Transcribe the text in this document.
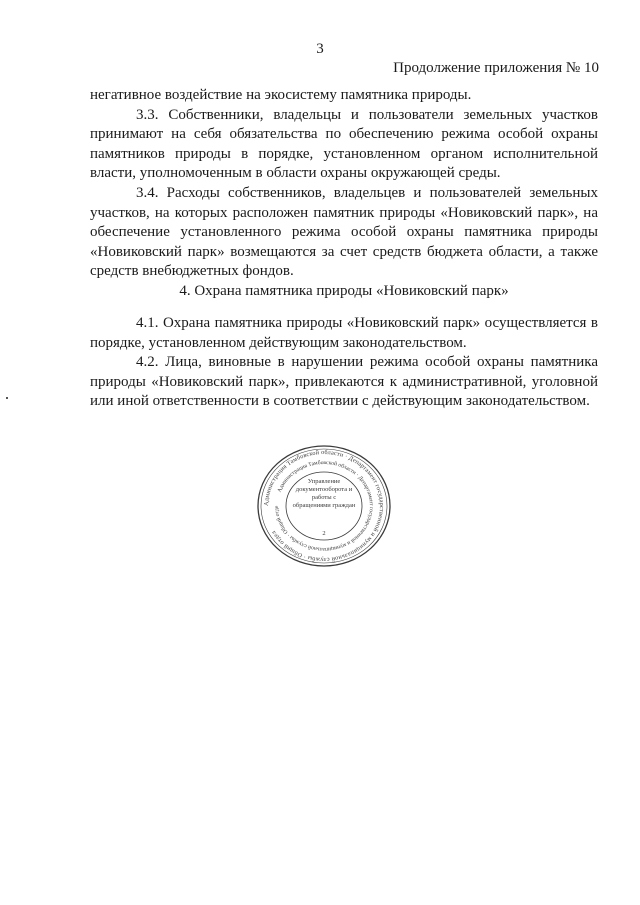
3
Продолжение приложения № 10

негативное воздействие на экосистему памятника природы.

3.3. Собственники, владельцы и пользователи земельных участков принимают на себя обязательства по обеспечению режима особой охраны памятников природы в порядке, установленном органом исполнительной власти, уполномоченным в области охраны окружающей среды.

3.4. Расходы собственников, владельцев и пользователей земельных участков, на которых расположен памятник природы «Новиковский парк», на обеспечение установленного режима особой охраны памятника природы «Новиковский парк» возмещаются за счет средств бюджета области, а также средств внебюджетных фондов.

4. Охрана памятника природы «Новиковский парк»

4.1. Охрана памятника природы «Новиковский парк» осуществляется в порядке, установленном действующим законодательством.

4.2. Лица, виновные в нарушении режима особой охраны памятника природы «Новиковский парк», привлекаются к административной, уголовной или иной ответственности в соответствии с действующим законодательством.

Администрация Тамбовской области · Департамент государственной и муниципальной службы · Общий отдел
Администрация Тамбовской области · Департамент государственной и муниципальной службы · Общий отде
Управление документооборота и работы с обращениями граждан
2
